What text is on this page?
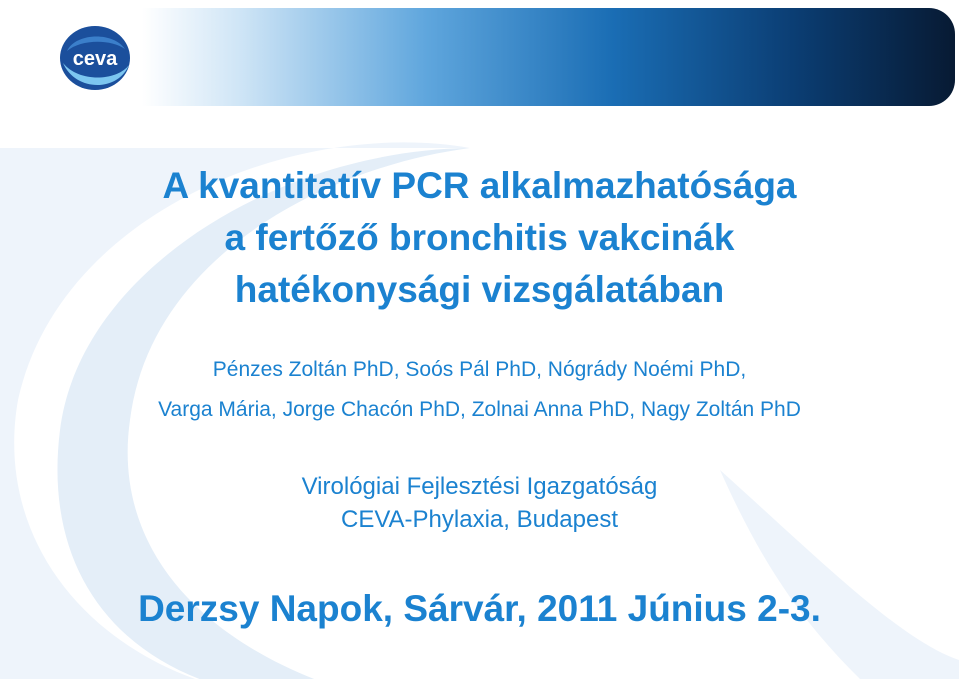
ceva
A kvantitatív PCR alkalmazhatósága
a fertőző bronchitis vakcinák
hatékonysági vizsgálatában
Pénzes Zoltán PhD, Soós Pál PhD, Nógrády Noémi PhD,
Varga Mária, Jorge Chacón PhD, Zolnai Anna PhD, Nagy Zoltán PhD
Virológiai Fejlesztési Igazgatóság
CEVA-Phylaxia, Budapest
Derzsy Napok, Sárvár, 2011 Június 2-3.
